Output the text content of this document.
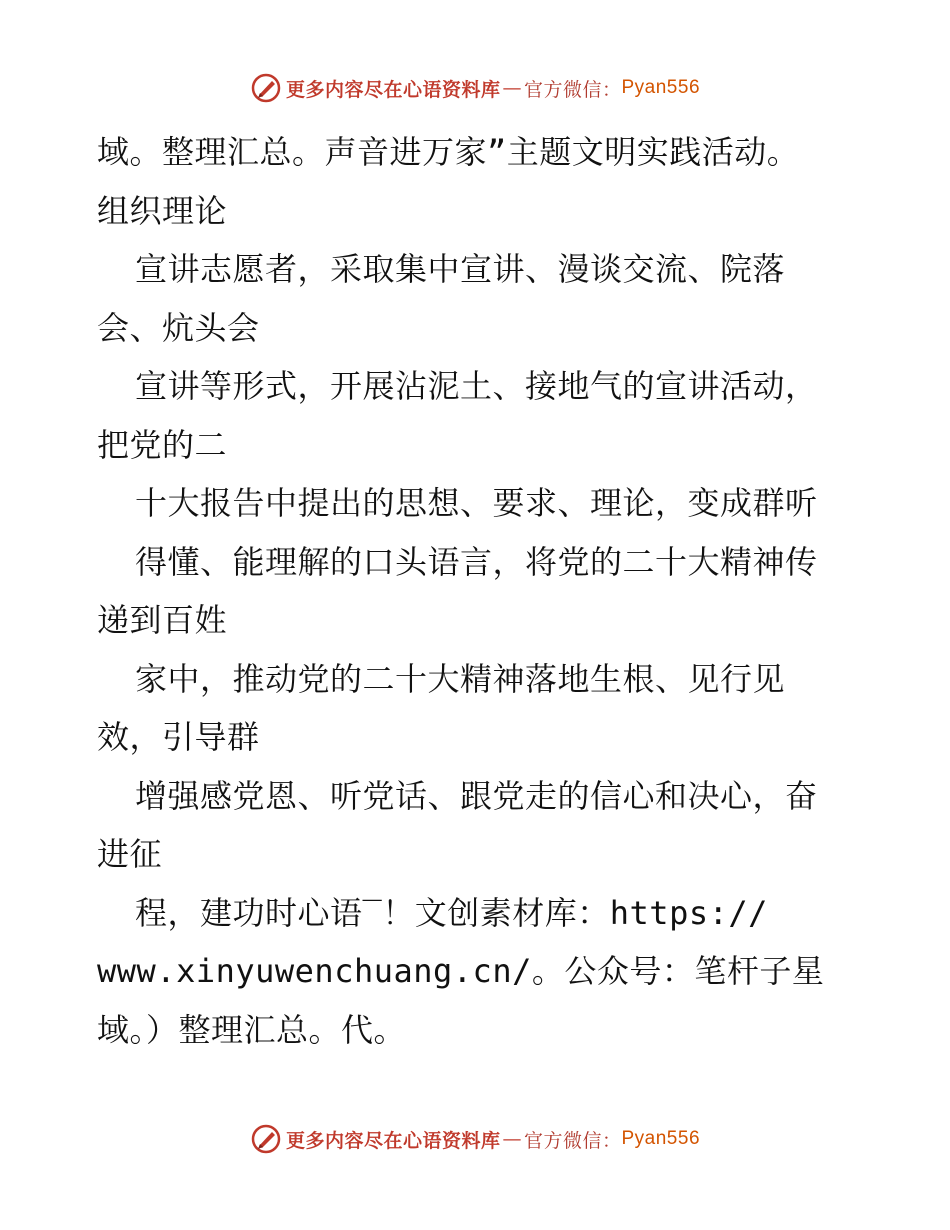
更多内容尽在心语资料库 — 官方微信： Pyan556
域。整理汇总。声音进万家”主题文明实践活动。
组织理论
宣讲志愿者，采取集中宣讲、漫谈交流、院落
会、炕头会
宣讲等形式，开展沾泥土、接地气的宣讲活动，
把党的二
十大报告中提出的思想、要求、理论，变成群听
得懂、能理解的口头语言，将党的二十大精神传
递到百姓
家中，推动党的二十大精神落地生根、见行见
效，引导群
增强感党恩、听党话、跟党走的信心和决心，奋
进征
程，建功时心语‾！文创素材库：https://
www.xinyuwenchuang.cn/。公众号：笔杆子星
域。）整理汇总。代。
更多内容尽在心语资料库 — 官方微信： Pyan556
